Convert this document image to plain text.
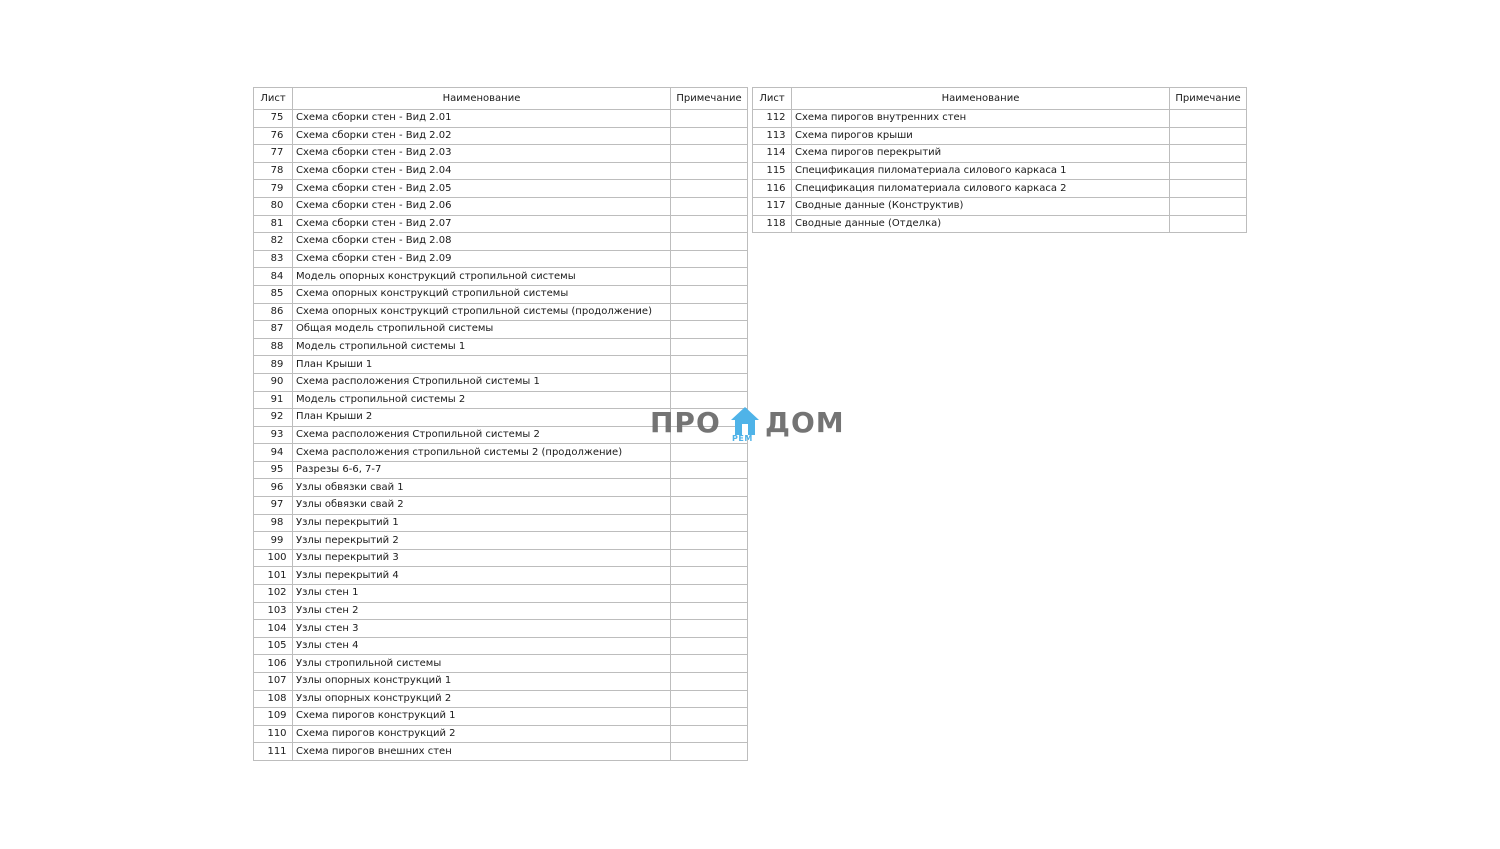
Лист	Наименование	Примечание
75	Схема сборки стен - Вид 2.01	
76	Схема сборки стен - Вид 2.02	
77	Схема сборки стен - Вид 2.03	
78	Схема сборки стен - Вид 2.04	
79	Схема сборки стен - Вид 2.05	
80	Схема сборки стен - Вид 2.06	
81	Схема сборки стен - Вид 2.07	
82	Схема сборки стен - Вид 2.08	
83	Схема сборки стен - Вид 2.09	
84	Модель опорных конструкций стропильной системы	
85	Схема опорных конструкций стропильной системы	
86	Схема опорных конструкций стропильной системы (продолжение)	
87	Общая модель стропильной системы	
88	Модель стропильной системы 1	
89	План Крыши 1	
90	Схема расположения Стропильной системы 1	
91	Модель стропильной системы 2	
92	План Крыши 2	
93	Схема расположения Стропильной системы 2	
94	Схема расположения стропильной системы 2 (продолжение)	
95	Разрезы 6-6, 7-7	
96	Узлы обвязки свай 1	
97	Узлы обвязки свай 2	
98	Узлы перекрытий 1	
99	Узлы перекрытий 2	
100	Узлы перекрытий 3	
101	Узлы перекрытий 4	
102	Узлы стен 1	
103	Узлы стен 2	
104	Узлы стен 3	
105	Узлы стен 4	
106	Узлы стропильной системы	
107	Узлы опорных конструкций 1	
108	Узлы опорных конструкций 2	
109	Схема пирогов конструкций 1	
110	Схема пирогов конструкций 2	
111	Схема пирогов внешних стен	
Лист	Наименование	Примечание
112	Схема пирогов внутренних стен	
113	Схема пирогов крыши	
114	Схема пирогов перекрытий	
115	Спецификация пиломатериала силового каркаса 1	
116	Спецификация пиломатериала силового каркаса 2	
117	Сводные данные (Конструктив)	
118	Сводные данные (Отделка)	
ПРО РЕМ ДОМ
